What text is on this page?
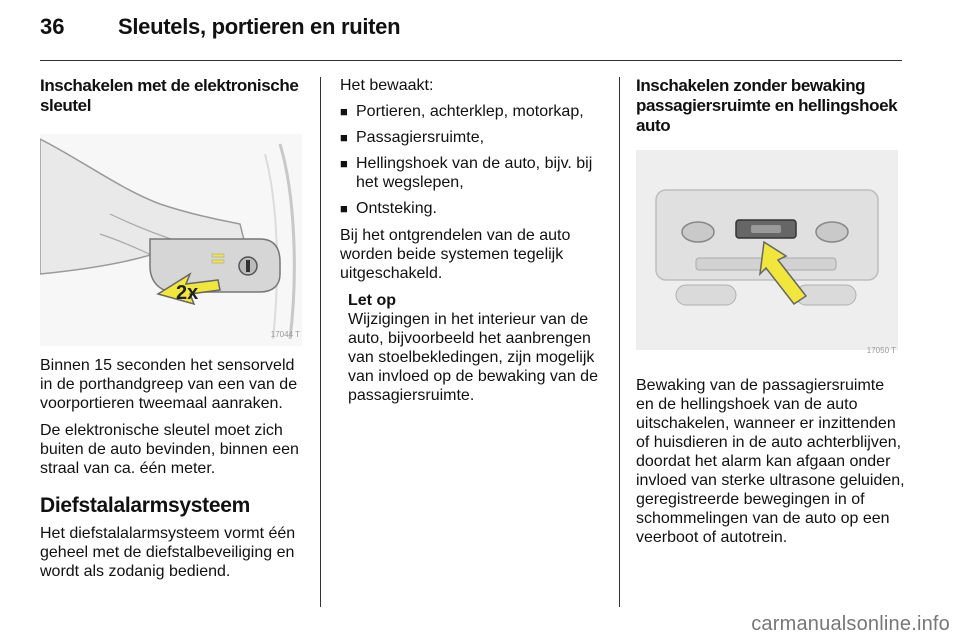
36 Sleutels, portieren en ruiten
Inschakelen met de elektronische sleutel
2x
17044 T

Binnen 15 seconden het sensorveld in de porthandgreep van een van de voorportieren tweemaal aanraken.

De elektronische sleutel moet zich buiten de auto bevinden, binnen een straal van ca. één meter.

Diefstalalarmsysteem

Het diefstalalarmsysteem vormt één geheel met de diefstalbeveiliging en wordt als zodanig bediend.

Het bewaakt:

■ Portieren, achterklep, motorkap,
■ Passagiersruimte,
■ Hellingshoek van de auto, bijv. bij het wegslepen,
■ Ontsteking.

Bij het ontgrendelen van de auto worden beide systemen tegelijk uitgeschakeld.

Let op
Wijzigingen in het interieur van de auto, bijvoorbeeld het aanbrengen van stoelbekledingen, zijn mogelijk van invloed op de bewaking van de passagiersruimte.
Inschakelen zonder bewaking passagiersruimte en hellingshoek auto
17050 T

Bewaking van de passagiersruimte en de hellingshoek van de auto uitschakelen, wanneer er inzittenden of huisdieren in de auto achterblijven, doordat het alarm kan afgaan onder invloed van sterke ultrasone geluiden, geregistreerde bewegingen in of schommelingen van de auto op een veerboot of autotrein.

carmanualsonline.info
